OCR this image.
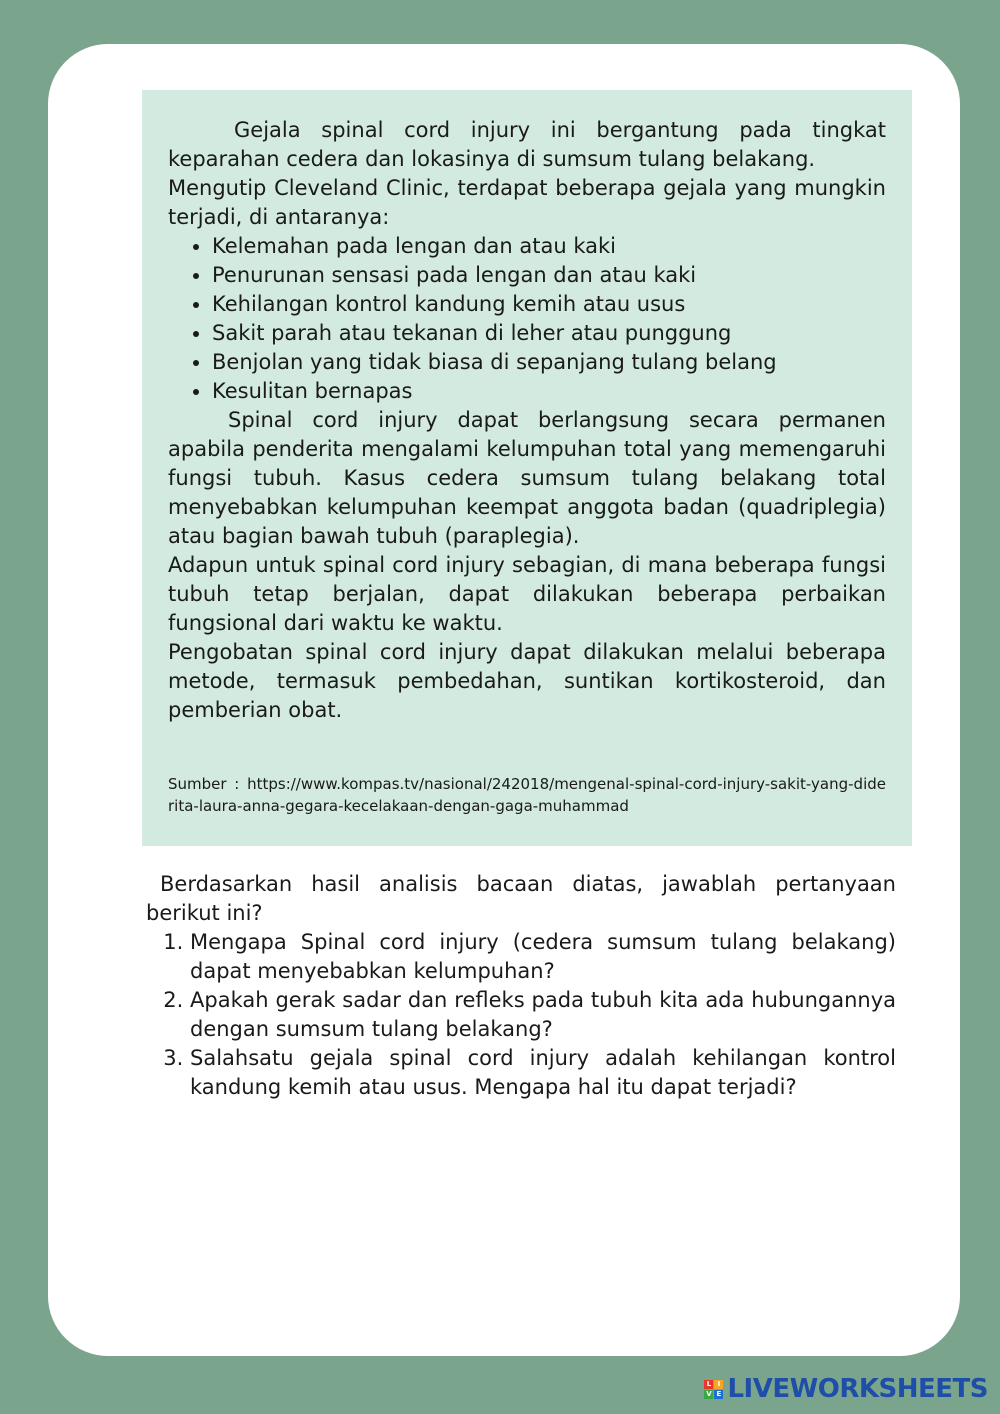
Gejala spinal cord injury ini bergantung pada tingkat keparahan cedera dan lokasinya di sumsum tulang belakang.

Mengutip Cleveland Clinic, terdapat beberapa gejala yang mungkin terjadi, di antaranya:

• Kelemahan pada lengan dan atau kaki
• Penurunan sensasi pada lengan dan atau kaki
• Kehilangan kontrol kandung kemih atau usus
• Sakit parah atau tekanan di leher atau punggung
• Benjolan yang tidak biasa di sepanjang tulang belang
• Kesulitan bernapas

Spinal cord injury dapat berlangsung secara permanen apabila penderita mengalami kelumpuhan total yang memengaruhi fungsi tubuh. Kasus cedera sumsum tulang belakang total menyebabkan kelumpuhan keempat anggota badan (quadriplegia) atau bagian bawah tubuh (paraplegia).

Adapun untuk spinal cord injury sebagian, di mana beberapa fungsi tubuh tetap berjalan, dapat dilakukan beberapa perbaikan fungsional dari waktu ke waktu.

Pengobatan spinal cord injury dapat dilakukan melalui beberapa metode, termasuk pembedahan, suntikan kortikosteroid, dan pemberian obat.

Sumber : https://www.kompas.tv/nasional/242018/mengenal-spinal-cord-injury-sakit-yang-diderita-laura-anna-gegara-kecelakaan-dengan-gaga-muhammad

Berdasarkan hasil analisis bacaan diatas, jawablah pertanyaan berikut ini?

1. Mengapa Spinal cord injury (cedera sumsum tulang belakang) dapat menyebabkan kelumpuhan?
2. Apakah gerak sadar dan refleks pada tubuh kita ada hubungannya dengan sumsum tulang belakang?
3. Salahsatu gejala spinal cord injury adalah kehilangan kontrol kandung kemih atau usus. Mengapa hal itu dapat terjadi?
L I
V E LIVEWORKSHEETS
